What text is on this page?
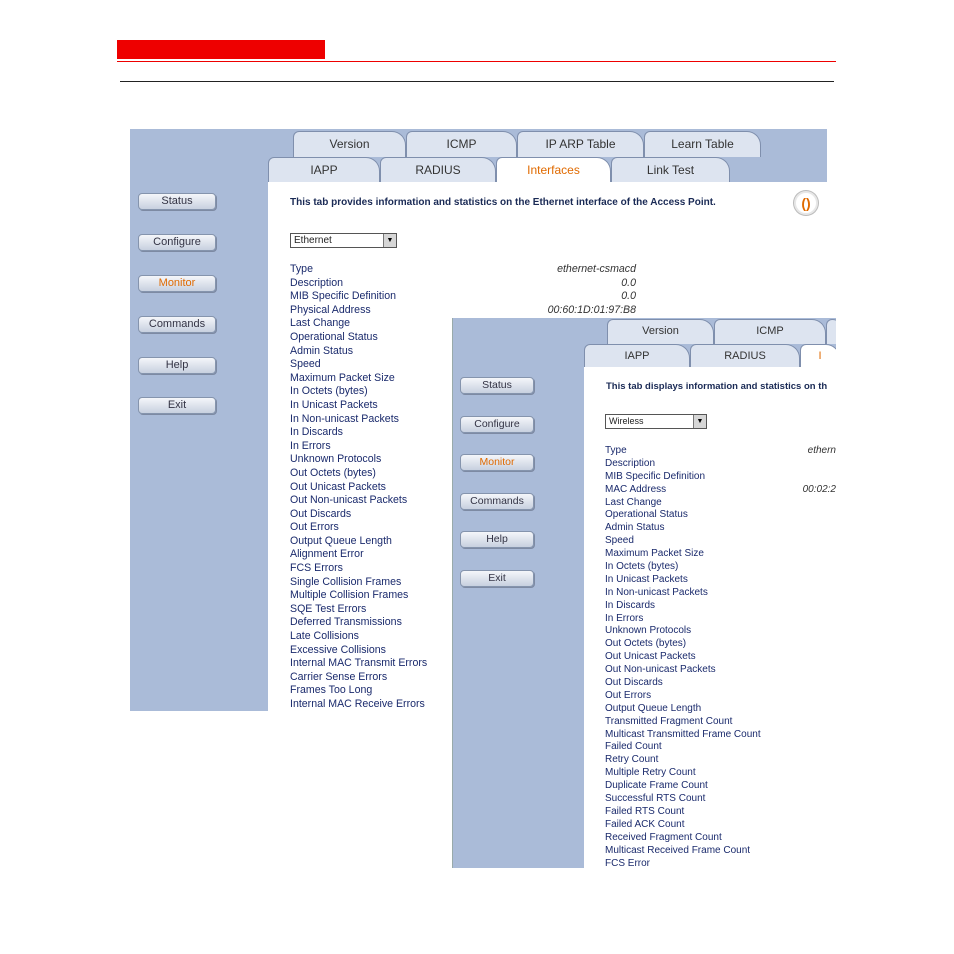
Status
Configure
Monitor
Commands
Help
Exit
Version	ICMP	IP ARP Table	Learn Table
IAPP	RADIUS	Interfaces	Link Test
This tab provides information and statistics on the Ethernet interface of the Access Point.	()
Ethernet	▼
Type	ethernet-csmacd
Description	0.0
MIB Specific Definition	0.0
Physical Address	00:60:1D:01:97:B8
Last Change
Operational Status
Admin Status
Speed
Maximum Packet Size
In Octets (bytes)
In Unicast Packets
In Non-unicast Packets
In Discards
In Errors
Unknown Protocols
Out Octets (bytes)
Out Unicast Packets
Out Non-unicast Packets
Out Discards
Out Errors
Output Queue Length
Alignment Error
FCS Errors
Single Collision Frames
Multiple Collision Frames
SQE Test Errors
Deferred Transmissions
Late Collisions
Excessive Collisions
Internal MAC Transmit Errors
Carrier Sense Errors
Frames Too Long
Internal MAC Receive Errors
Status
Configure
Monitor
Commands
Help
Exit
Version	ICMP
IAPP	RADIUS	I
This tab displays information and statistics on th
Wireless	▼
Type	ethern
Description
MIB Specific Definition
MAC Address	00:02:2
Last Change
Operational Status
Admin Status
Speed
Maximum Packet Size
In Octets (bytes)
In Unicast Packets
In Non-unicast Packets
In Discards
In Errors
Unknown Protocols
Out Octets (bytes)
Out Unicast Packets
Out Non-unicast Packets
Out Discards
Out Errors
Output Queue Length
Transmitted Fragment Count
Multicast Transmitted Frame Count
Failed Count
Retry Count
Multiple Retry Count
Duplicate Frame Count
Successful RTS Count
Failed RTS Count
Failed ACK Count
Received Fragment Count
Multicast Received Frame Count
FCS Error
